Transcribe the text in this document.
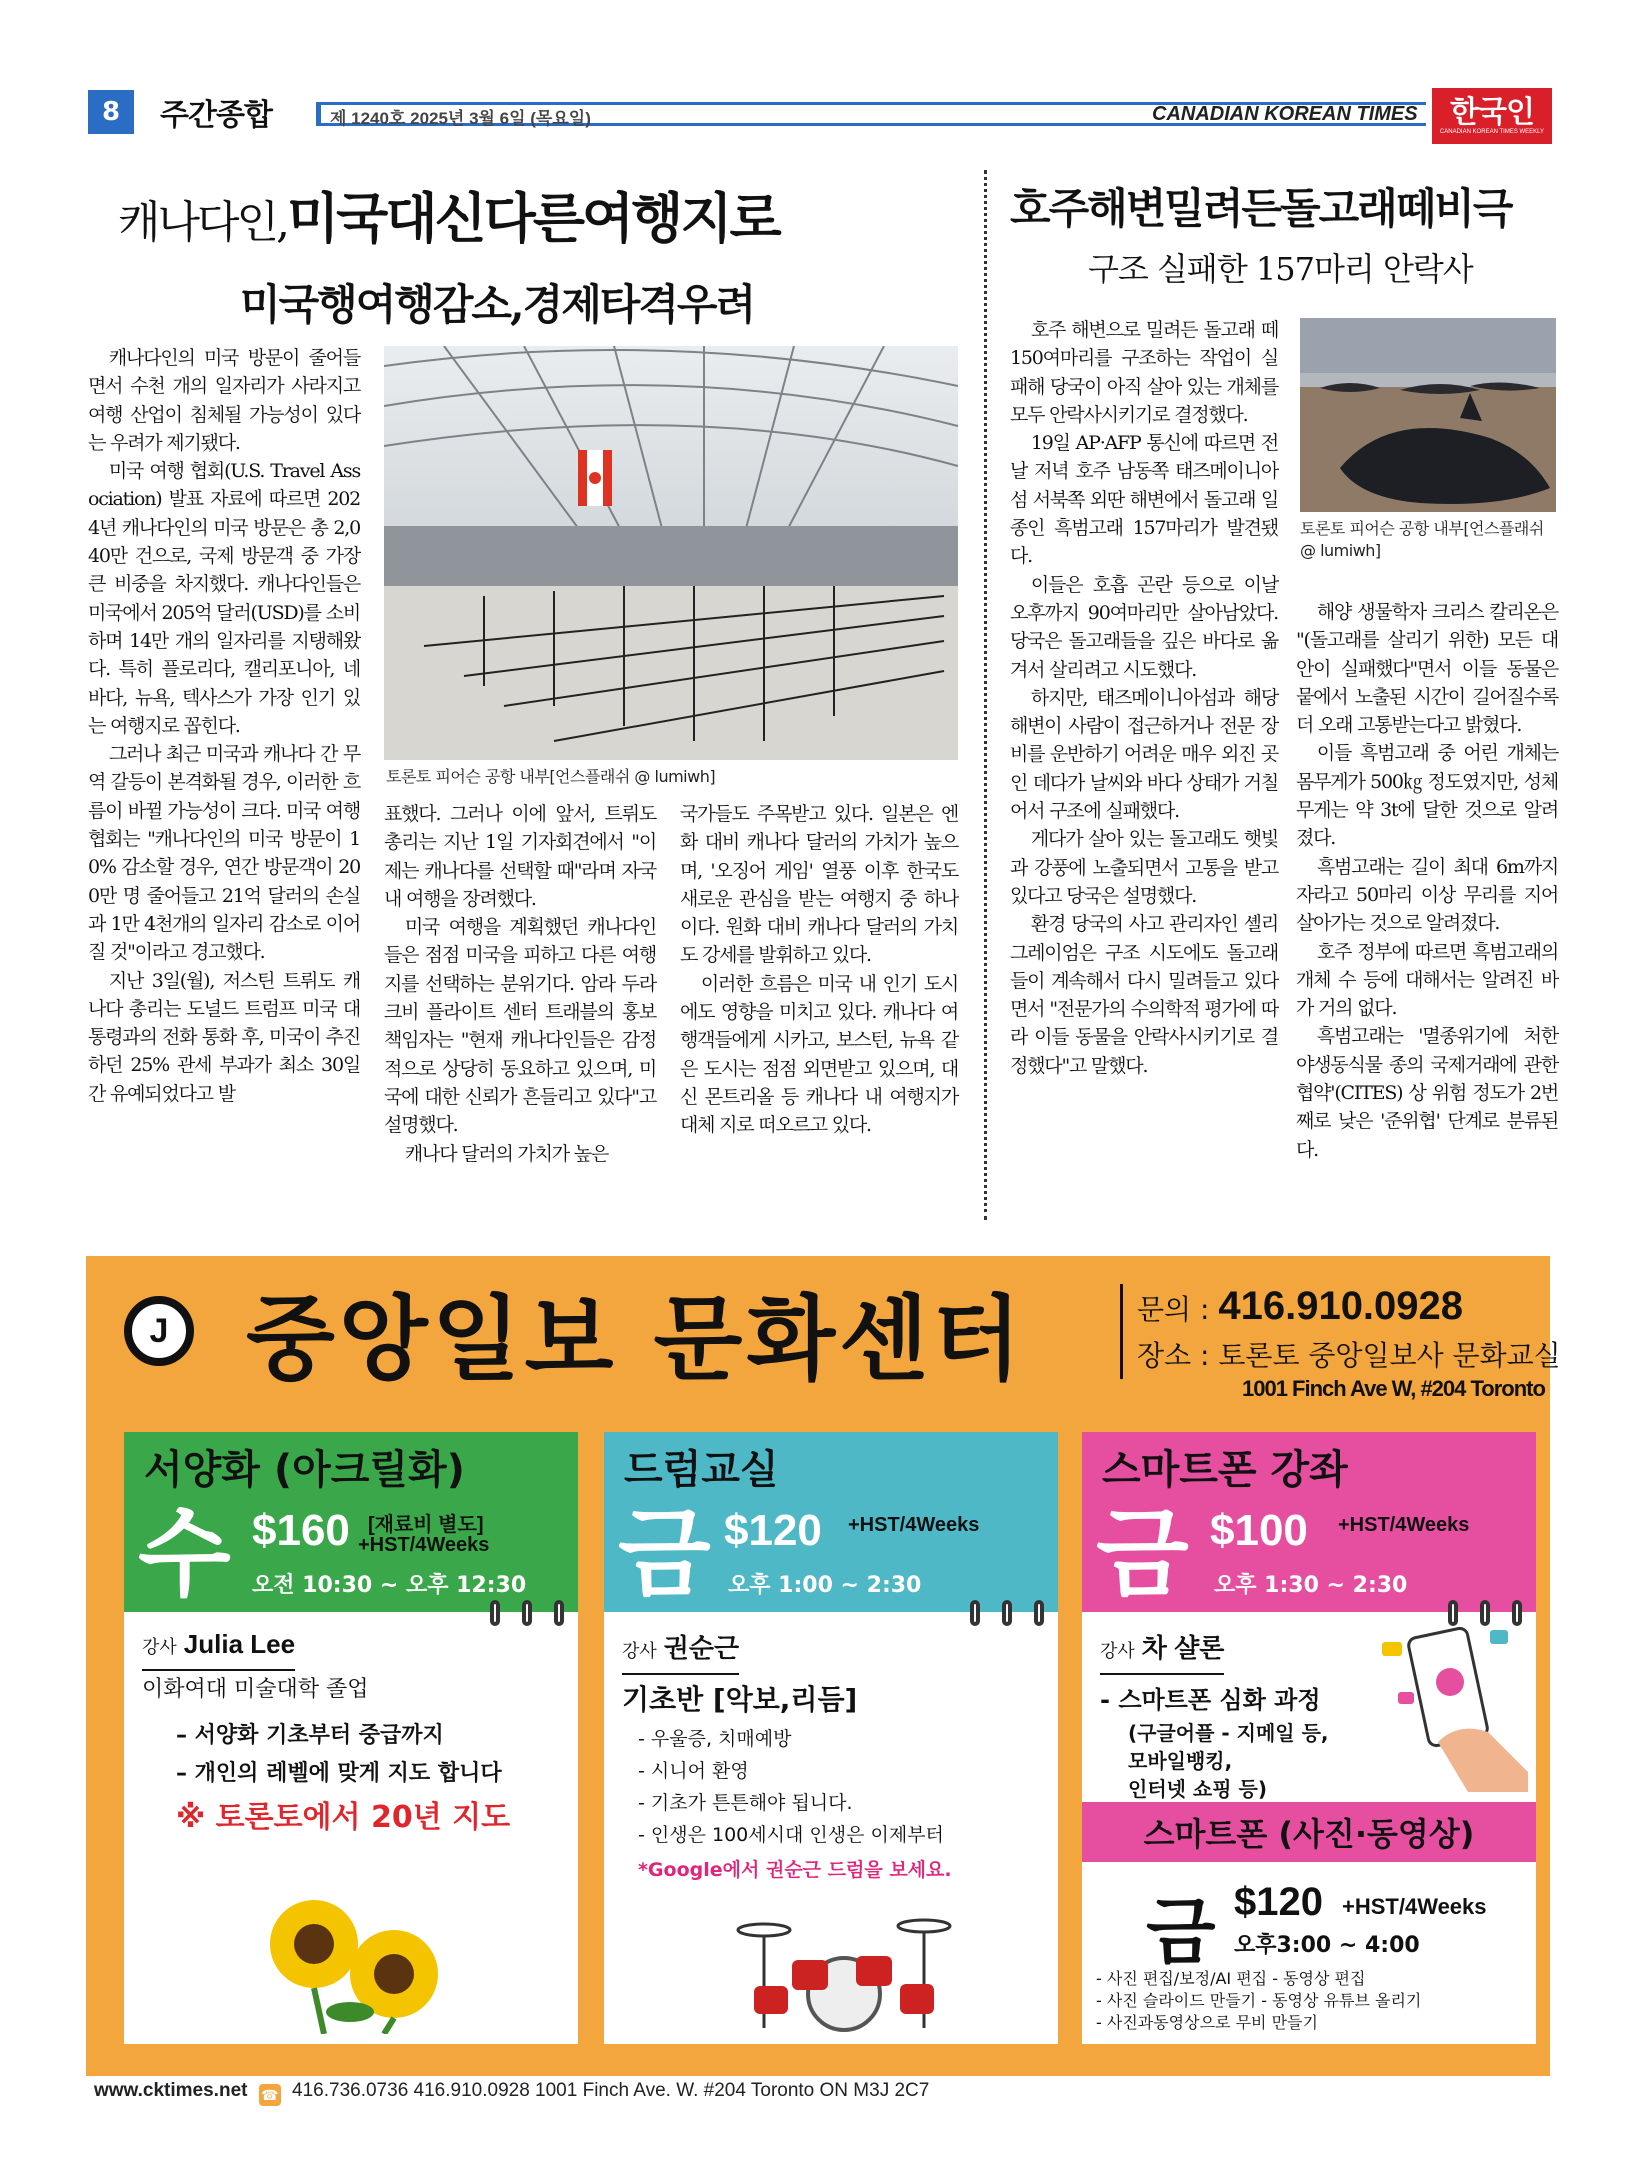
8	주간종합	제 1240호 2025년 3월 6일 (목요일)	CANADIAN KOREAN TIMES 한국인
CANADIAN KOREAN TIMES WEEKLY
캐나다인,미국대신다른여행지로
미국행여행감소,경제타격우려
토론토 피어슨 공항 내부[언스플래쉬 @ lumiwh]

캐나다인의 미국 방문이 줄어들면서 수천 개의 일자리가 사라지고 여행 산업이 침체될 가능성이 있다는 우려가 제기됐다.

미국 여행 협회(U.S. Travel Association) 발표 자료에 따르면 2024년 캐나다인의 미국 방문은 총 2,040만 건으로, 국제 방문객 중 가장 큰 비중을 차지했다. 캐나다인들은 미국에서 205억 달러(USD)를 소비하며 14만 개의 일자리를 지탱해왔다. 특히 플로리다, 캘리포니아, 네바다, 뉴욕, 텍사스가 가장 인기 있는 여행지로 꼽힌다.

그러나 최근 미국과 캐나다 간 무역 갈등이 본격화될 경우, 이러한 흐름이 바뀔 가능성이 크다. 미국 여행 협회는 "캐나다인의 미국 방문이 10% 감소할 경우, 연간 방문객이 200만 명 줄어들고 21억 달러의 손실과 1만 4천개의 일자리 감소로 이어질 것"이라고 경고했다.

지난 3일(월), 저스틴 트뤼도 캐나다 총리는 도널드 트럼프 미국 대통령과의 전화 통화 후, 미국이 추진하던 25% 관세 부과가 최소 30일간 유예되었다고 발

표했다. 그러나 이에 앞서, 트뤼도 총리는 지난 1일 기자회견에서 "이제는 캐나다를 선택할 때"라며 자국 내 여행을 장려했다.

미국 여행을 계획했던 캐나다인들은 점점 미국을 피하고 다른 여행지를 선택하는 분위기다. 암라 두라크비 플라이트 센터 트래블의 홍보 책임자는 "현재 캐나다인들은 감정적으로 상당히 동요하고 있으며, 미국에 대한 신뢰가 흔들리고 있다"고 설명했다.

캐나다 달러의 가치가 높은

국가들도 주목받고 있다. 일본은 엔화 대비 캐나다 달러의 가치가 높으며, '오징어 게임' 열풍 이후 한국도 새로운 관심을 받는 여행지 중 하나이다. 원화 대비 캐나다 달러의 가치도 강세를 발휘하고 있다.

이러한 흐름은 미국 내 인기 도시에도 영향을 미치고 있다. 캐나다 여행객들에게 시카고, 보스턴, 뉴욕 같은 도시는 점점 외면받고 있으며, 대신 몬트리올 등 캐나다 내 여행지가 대체 지로 떠오르고 있다.

호주해변밀려든돌고래떼비극
구조 실패한 157마리 안락사
토론토 피어슨 공항 내부[언스플래쉬 @ lumiwh]

호주 해변으로 밀려든 돌고래 떼 150여마리를 구조하는 작업이 실패해 당국이 아직 살아 있는 개체를 모두 안락사시키기로 결정했다.

19일 AP·AFP 통신에 따르면 전날 저녁 호주 남동쪽 태즈메이니아섬 서북쪽 외딴 해변에서 돌고래 일종인 흑범고래 157마리가 발견됐다.

이들은 호흡 곤란 등으로 이날 오후까지 90여마리만 살아남았다. 당국은 돌고래들을 깊은 바다로 옮겨서 살리려고 시도했다.

하지만, 태즈메이니아섬과 해당 해변이 사람이 접근하거나 전문 장비를 운반하기 어려운 매우 외진 곳인 데다가 날씨와 바다 상태가 거칠어서 구조에 실패했다.

게다가 살아 있는 돌고래도 햇빛과 강풍에 노출되면서 고통을 받고 있다고 당국은 설명했다.

환경 당국의 사고 관리자인 셸리 그레이엄은 구조 시도에도 돌고래들이 계속해서 다시 밀려들고 있다면서 "전문가의 수의학적 평가에 따라 이들 동물을 안락사시키기로 결정했다"고 말했다.

해양 생물학자 크리스 칼리온은 "(돌고래를 살리기 위한) 모든 대안이 실패했다"면서 이들 동물은 뭍에서 노출된 시간이 길어질수록 더 오래 고통받는다고 밝혔다.

이들 흑범고래 중 어린 개체는 몸무게가 500㎏ 정도였지만, 성체 무게는 약 3t에 달한 것으로 알려졌다.

흑범고래는 길이 최대 6m까지 자라고 50마리 이상 무리를 지어 살아가는 것으로 알려졌다.

호주 정부에 따르면 흑범고래의 개체 수 등에 대해서는 알려진 바가 거의 없다.

흑범고래는 '멸종위기에 처한 야생동식물 종의 국제거래에 관한 협약'(CITES) 상 위험 정도가 2번째로 낮은 '준위협' 단계로 분류된다.

J 중앙일보 문화센터	문의 : 416.910.0928
장소 : 토론토 중앙일보사 문화교실
1001 Finch Ave W, #204 Toronto
서양화 (아크릴화)
수 $160 [재료비 별도]
+HST/4Weeks
오전 10:30 ~ 오후 12:30
강사 Julia Lee
이화여대 미술대학 졸업
– 서양화 기초부터 중급까지
– 개인의 레벨에 맞게 지도 합니다
※ 토론토에서 20년 지도
드럼교실
금 $120 +HST/4Weeks
오후 1:00 ~ 2:30
강사 권순근
기초반 [악보,리듬]
- 우울증, 치매예방
- 시니어 환영
- 기초가 튼튼해야 됩니다.
- 인생은 100세시대 인생은 이제부터
*Google에서 권순근 드럼을 보세요.
스마트폰 강좌
금 $100 +HST/4Weeks
오후 1:30 ~ 2:30
강사 차 샬론
- 스마트폰 심화 과정
(구글어플 - 지메일 등,
모바일뱅킹,
인터넷 쇼핑 등)
스마트폰 (사진·동영상)
금 $120 +HST/4Weeks
오후3:00 ~ 4:00
- 사진 편집/보정/AI 편집 - 동영상 편집
- 사진 슬라이드 만들기 - 동영상 유튜브 올리기
- 사진과동영상으로 무비 만들기
www.cktimes.net ☎ 416.736.0736 416.910.0928 1001 Finch Ave. W. #204 Toronto ON M3J 2C7
